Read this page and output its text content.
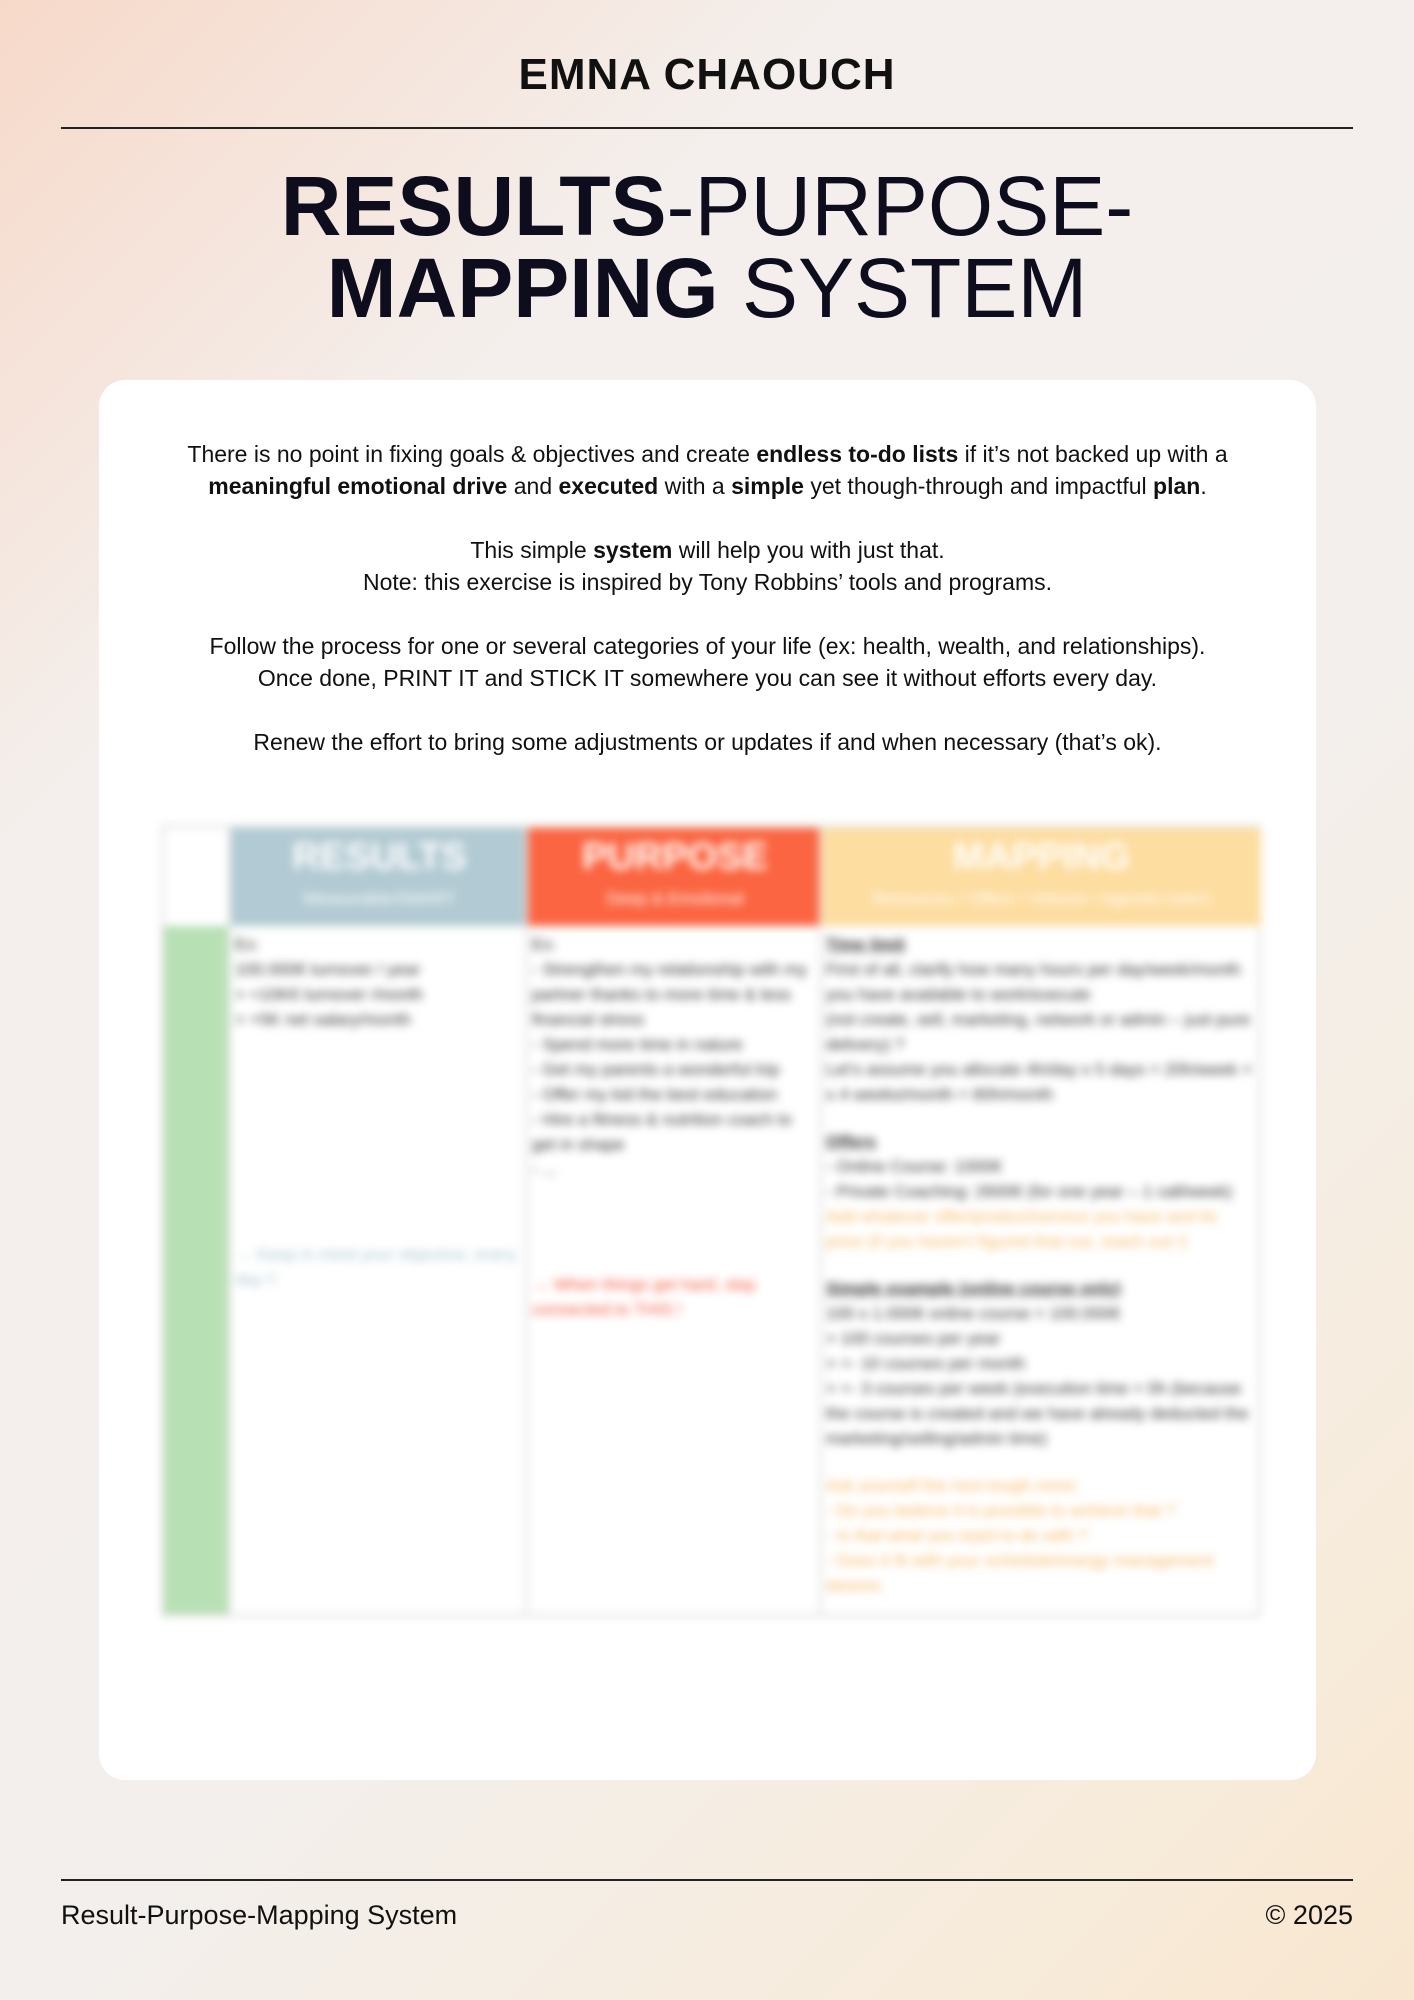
EMNA CHAOUCH
RESULTS-PURPOSE-
MAPPING SYSTEM

There is no point in fixing goals & objectives and create endless to-do lists if it’s not backed up with a meaningful emotional drive and executed with a simple yet though-through and impactful plan.

This simple system will help you with just that.
Note: this exercise is inspired by Tony Robbins’ tools and programs.

Follow the process for one or several categories of your life (ex: health, wealth, and relationships).
Once done, PRINT IT and STICK IT somewhere you can see it without efforts every day.

Renew the effort to bring some adjustments or updates if and when necessary (that’s ok).

RESULTS
Measurable/SMART
Ex:
100.000€ turnover / year
> +10K€ turnover /month
> +5K net salary/month
→ Keep in mind your objective, every day !!
PURPOSE
Deep & Emotional
Ex:
- Strengthen my relationship with my partner thanks to more time & less financial stress
- Spend more time in nature
- Get my parents a wonderful trip
- Offer my kid the best education
- Hire a fitness & nutrition coach to get in shape
- ...
→ When things get hard, stay connected to THIS !
MAPPING
Resources • Offers • Volume • Agenda match
Time limit
First of all, clarify how many hours per day/week/month you have available to work/execute
(not create, sell, marketing, network or admin – just pure delivery) ?
Let’s assume you allocate 4h/day x 5 days = 20h/week = x 4 weeks/month = 80h/month
Offers
- Online Course: 1000€
- Private Coaching: 2600€ (for one year – 1 call/week)
Add whatever offer/product/service you have and its price (if you haven’t figured that out, reach out !)
Simple example (online course only)
100 x 1.000€ online course = 100.000€
> 100 courses per year
> +- 10 courses per month
> +- 3 courses per week (execution time = 0h (because the course is created and we have already deducted the marketing/selling/admin time)
Ask yourself the next tough more:
- Do you believe it is possible to achieve that ?
- Is that what you want to do with ?
- Does it fit with your schedule/energy management desires
Result-Purpose-Mapping System	© 2025
